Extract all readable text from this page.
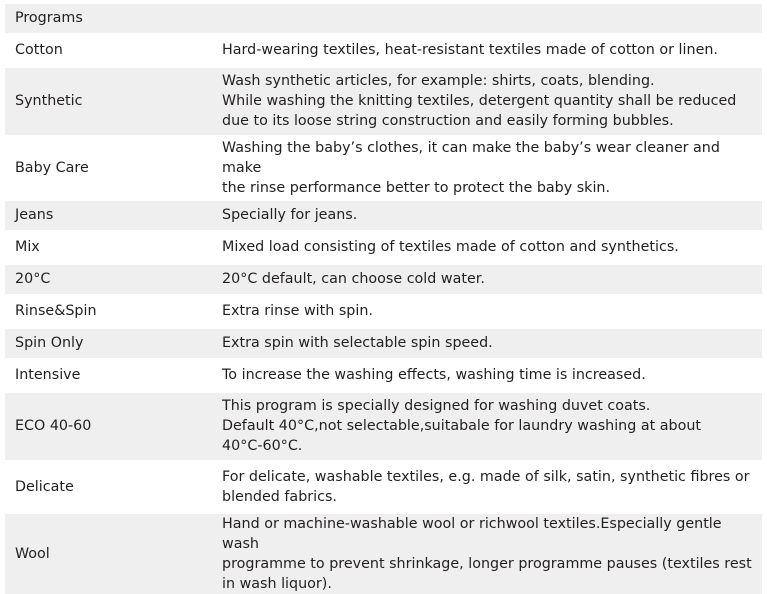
Programs	
Cotton	Hard-wearing textiles, heat-resistant textiles made of cotton or linen.
Synthetic	Wash synthetic articles, for example: shirts, coats, blending.
While washing the knitting textiles, detergent quantity shall be reduced
due to its loose string construction and easily forming bubbles.
Baby Care	Washing the baby’s clothes, it can make the baby’s wear cleaner and make
the rinse performance better to protect the baby skin.
Jeans	Specially for jeans.
Mix	Mixed load consisting of textiles made of cotton and synthetics.
20°C	20°C default, can choose cold water.
Rinse&Spin	Extra rinse with spin.
Spin Only	Extra spin with selectable spin speed.
Intensive	To increase the washing effects, washing time is increased.
ECO 40-60	This program is specially designed for washing duvet coats.
Default 40°C,not selectable,suitabale for laundry washing at about
40°C-60°C.
Delicate	For delicate, washable textiles, e.g. made of silk, satin, synthetic fibres or
blended fabrics.
Wool	Hand or machine-washable wool or richwool textiles.Especially gentle wash
programme to prevent shrinkage, longer programme pauses (textiles rest
in wash liquor).
